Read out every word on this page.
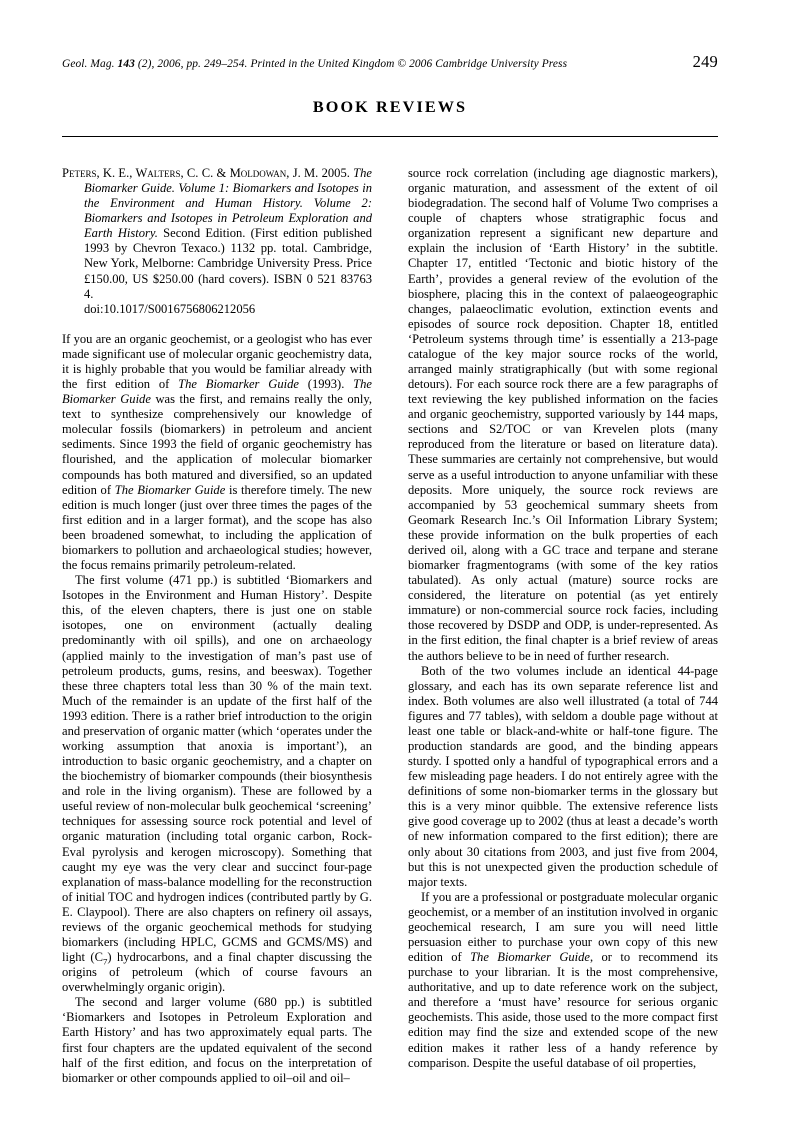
Geol. Mag. 143 (2), 2006, pp. 249–254. Printed in the United Kingdom © 2006 Cambridge University Press	249
BOOK REVIEWS
Peters, K. E., Walters, C. C. & Moldowan, J. M. 2005. The Biomarker Guide. Volume 1: Biomarkers and Isotopes in the Environment and Human History. Volume 2: Biomarkers and Isotopes in Petroleum Exploration and Earth History. Second Edition. (First edition published 1993 by Chevron Texaco.) 1132 pp. total. Cambridge, New York, Melborne: Cambridge University Press. Price £150.00, US $250.00 (hard covers). ISBN 0 521 83763 4.
doi:10.1017/S0016756806212056

If you are an organic geochemist, or a geologist who has ever made significant use of molecular organic geochemistry data, it is highly probable that you would be familiar already with the first edition of The Biomarker Guide (1993). The Biomarker Guide was the first, and remains really the only, text to synthesize comprehensively our knowledge of molecular fossils (biomarkers) in petroleum and ancient sediments. Since 1993 the field of organic geochemistry has flourished, and the application of molecular biomarker compounds has both matured and diversified, so an updated edition of The Biomarker Guide is therefore timely. The new edition is much longer (just over three times the pages of the first edition and in a larger format), and the scope has also been broadened somewhat, to including the application of biomarkers to pollution and archaeological studies; however, the focus remains primarily petroleum-related.

The first volume (471 pp.) is subtitled ‘Biomarkers and Isotopes in the Environment and Human History’. Despite this, of the eleven chapters, there is just one on stable isotopes, one on environment (actually dealing predominantly with oil spills), and one on archaeology (applied mainly to the investigation of man’s past use of petroleum products, gums, resins, and beeswax). Together these three chapters total less than 30 % of the main text. Much of the remainder is an update of the first half of the 1993 edition. There is a rather brief introduction to the origin and preservation of organic matter (which ‘operates under the working assumption that anoxia is important’), an introduction to basic organic geochemistry, and a chapter on the biochemistry of biomarker compounds (their biosynthesis and role in the living organism). These are followed by a useful review of non-molecular bulk geochemical ‘screening’ techniques for assessing source rock potential and level of organic maturation (including total organic carbon, Rock-Eval pyrolysis and kerogen microscopy). Something that caught my eye was the very clear and succinct four-page explanation of mass-balance modelling for the reconstruction of initial TOC and hydrogen indices (contributed partly by G. E. Claypool). There are also chapters on refinery oil assays, reviews of the organic geochemical methods for studying biomarkers (including HPLC, GCMS and GCMS/MS) and light $(C_7)$ hydrocarbons, and a final chapter discussing the origins of petroleum (which of course favours an overwhelmingly organic origin).

The second and larger volume (680 pp.) is subtitled ‘Biomarkers and Isotopes in Petroleum Exploration and Earth History’ and has two approximately equal parts. The first four chapters are the updated equivalent of the second half of the first edition, and focus on the interpretation of biomarker or other compounds applied to oil–oil and oil–

source rock correlation (including age diagnostic markers), organic maturation, and assessment of the extent of oil biodegradation. The second half of Volume Two comprises a couple of chapters whose stratigraphic focus and organization represent a significant new departure and explain the inclusion of ‘Earth History’ in the subtitle. Chapter 17, entitled ‘Tectonic and biotic history of the Earth’, provides a general review of the evolution of the biosphere, placing this in the context of palaeogeographic changes, palaeoclimatic evolution, extinction events and episodes of source rock deposition. Chapter 18, entitled ‘Petroleum systems through time’ is essentially a 213-page catalogue of the key major source rocks of the world, arranged mainly stratigraphically (but with some regional detours). For each source rock there are a few paragraphs of text reviewing the key published information on the facies and organic geochemistry, supported variously by 144 maps, sections and S2/TOC or van Krevelen plots (many reproduced from the literature or based on literature data). These summaries are certainly not comprehensive, but would serve as a useful introduction to anyone unfamiliar with these deposits. More uniquely, the source rock reviews are accompanied by 53 geochemical summary sheets from Geomark Research Inc.’s Oil Information Library System; these provide information on the bulk properties of each derived oil, along with a GC trace and terpane and sterane biomarker fragmentograms (with some of the key ratios tabulated). As only actual (mature) source rocks are considered, the literature on potential (as yet entirely immature) or non-commercial source rock facies, including those recovered by DSDP and ODP, is under-represented. As in the first edition, the final chapter is a brief review of areas the authors believe to be in need of further research.

Both of the two volumes include an identical 44-page glossary, and each has its own separate reference list and index. Both volumes are also well illustrated (a total of 744 figures and 77 tables), with seldom a double page without at least one table or black-and-white or half-tone figure. The production standards are good, and the binding appears sturdy. I spotted only a handful of typographical errors and a few misleading page headers. I do not entirely agree with the definitions of some non-biomarker terms in the glossary but this is a very minor quibble. The extensive reference lists give good coverage up to 2002 (thus at least a decade’s worth of new information compared to the first edition); there are only about 30 citations from 2003, and just five from 2004, but this is not unexpected given the production schedule of major texts.

If you are a professional or postgraduate molecular organic geochemist, or a member of an institution involved in organic geochemical research, I am sure you will need little persuasion either to purchase your own copy of this new edition of The Biomarker Guide, or to recommend its purchase to your librarian. It is the most comprehensive, authoritative, and up to date reference work on the subject, and therefore a ‘must have’ resource for serious organic geochemists. This aside, those used to the more compact first edition may find the size and extended scope of the new edition makes it rather less of a handy reference by comparison. Despite the useful database of oil properties,
